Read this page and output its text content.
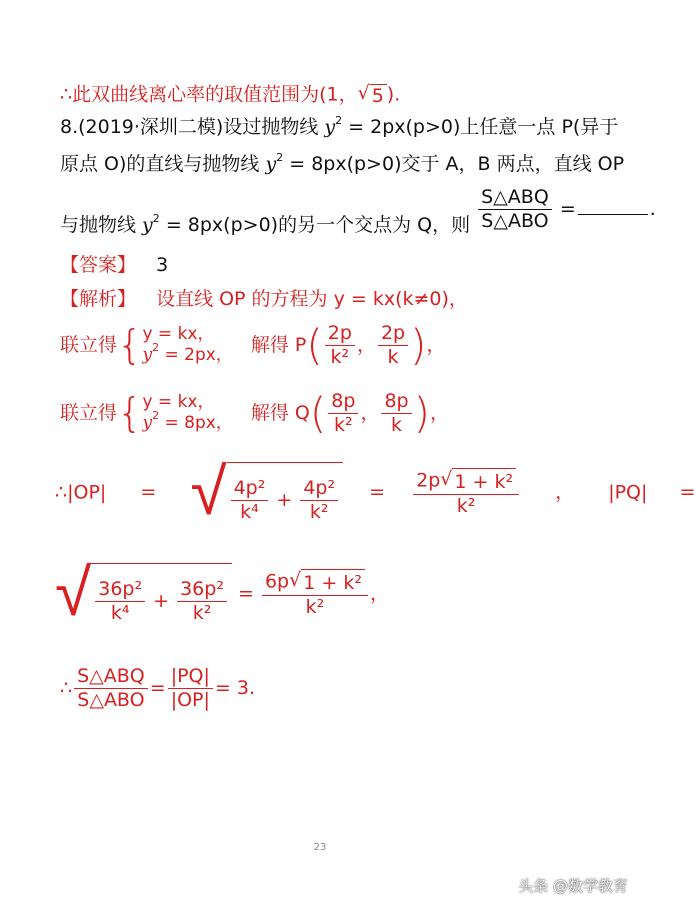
∴此双曲线离心率的取值范围为(1， √ 5 ).
8.(2019·深圳二模)设过抛物线 $y^2 = 2px(p>0)$上任意一点 P(异于
原点 O)的直线与抛物线 $y^2 = 8px(p>0)$交于 A，B 两点，直线 OP
与抛物线 $y^2 = 8px(p>0)$的另一个交点为 Q，则 $\frac{\text{S△ABQ}}{\text{S△ABO}}$ =	.
【答案】 3
【解析】 设直线 OP 的方程为 y = kx(k≠0)，
联立得{y = kx，
$y^2 = 2px$， 解得 $P( \frac{2p}{\text{k²}}$ ， $\frac{2p}{k}$ )，
联立得{y = kx，
$y^2 = 8px$， 解得 $Q( \frac{8p}{\text{k²}}$ ， $\frac{8p}{k}$ )，
∴|OP| = √ $\frac{\text{4p²}}{\text{k⁴}} + \frac{\text{4p²}}{\text{k²}} = \frac{\text{2p √ 1 + k²}}{\text{k²}}$ ， |PQ| =
√ $\frac{\text{36p²}}{\text{k⁴}} + \frac{\text{36p²}}{\text{k²}} = \frac{\text{6p √ 1 + k²}}{\text{k²}}$ ，
∴ $\frac{\text{S△ABQ}}{\text{S△ABO}} = \frac{|PQ|}{|OP|} = 3$.
23
头条 @数学教育
